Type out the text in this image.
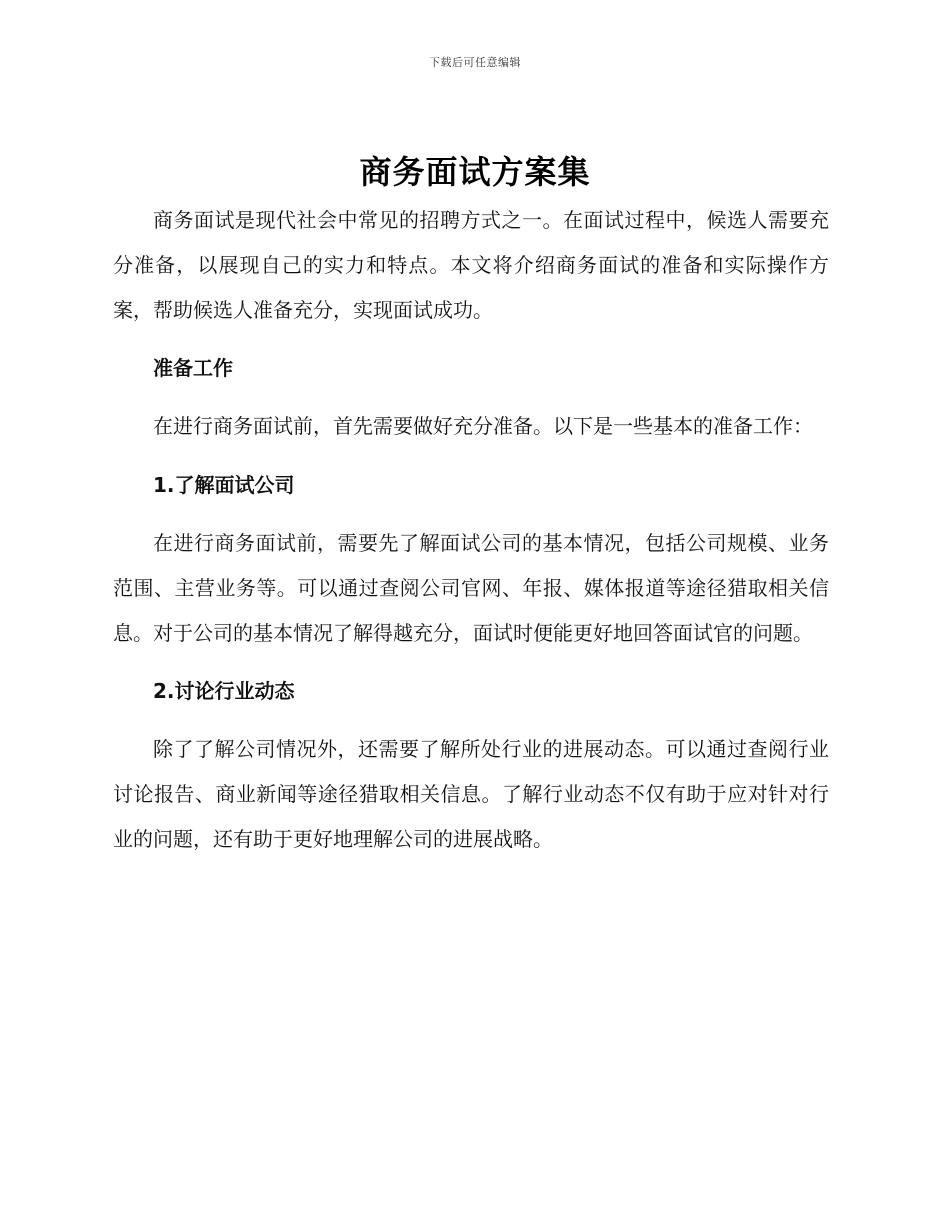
下载后可任意编辑
商务面试方案集

商务面试是现代社会中常见的招聘方式之一。在面试过程中，候选人需要充分准备，以展现自己的实力和特点。本文将介绍商务面试的准备和实际操作方案，帮助候选人准备充分，实现面试成功。

准备工作

在进行商务面试前，首先需要做好充分准备。以下是一些基本的准备工作：

1.了解面试公司

在进行商务面试前，需要先了解面试公司的基本情况，包括公司规模、业务范围、主营业务等。可以通过查阅公司官网、年报、媒体报道等途径猎取相关信息。对于公司的基本情况了解得越充分，面试时便能更好地回答面试官的问题。

2.讨论行业动态

除了了解公司情况外，还需要了解所处行业的进展动态。可以通过查阅行业讨论报告、商业新闻等途径猎取相关信息。了解行业动态不仅有助于应对针对行业的问题，还有助于更好地理解公司的进展战略。
